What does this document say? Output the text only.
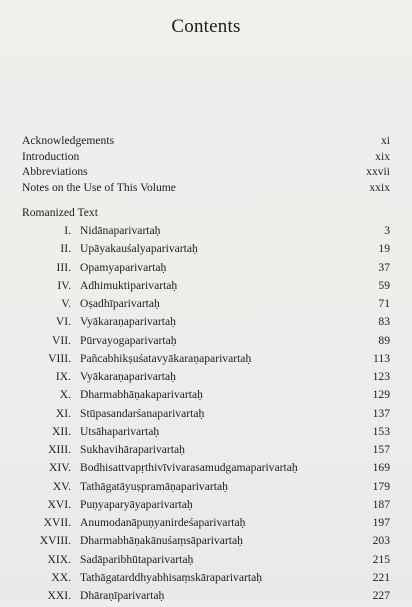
Contents
Acknowledgements	xi
Introduction	xix
Abbreviations	xxvii
Notes on the Use of This Volume	xxix
Romanized Text
I. Nidānaparivartaḥ	3
II. Upāyakauśalyaparivartaḥ	19
III. Opamyaparivartaḥ	37
IV. Adhimuktiparivartaḥ	59
V. Oṣadhīparivartaḥ	71
VI. Vyākaraṇaparivartaḥ	83
VII. Pūrvayogaparivartaḥ	89
VIII. Pañcabhikṣuśatavyākaraṇaparivartaḥ	113
IX. Vyākaraṇaparivartaḥ	123
X. Dharmabhāṇakaparivartaḥ	129
XI. Stūpasandarśanaparivartaḥ	137
XII. Utsāhaparivartaḥ	153
XIII. Sukhavihāraparivartaḥ	157
XIV. Bodhisattvapṛthivīvivarasamudgamaparivartaḥ	169
XV. Tathāgatāyuṣpramāṇaparivartaḥ	179
XVI. Puṇyaparyāyaparivartaḥ	187
XVII. Anumodanāpuṇyanirdeśaparivartaḥ	197
XVIII. Dharmabhāṇakānuśaṃsāparivartaḥ	203
XIX. Sadāparibhūtaparivartaḥ	215
XX. Tathāgatarddhyabhisaṃskāraparivartaḥ	221
XXI. Dhāraṇīparivartaḥ	227
